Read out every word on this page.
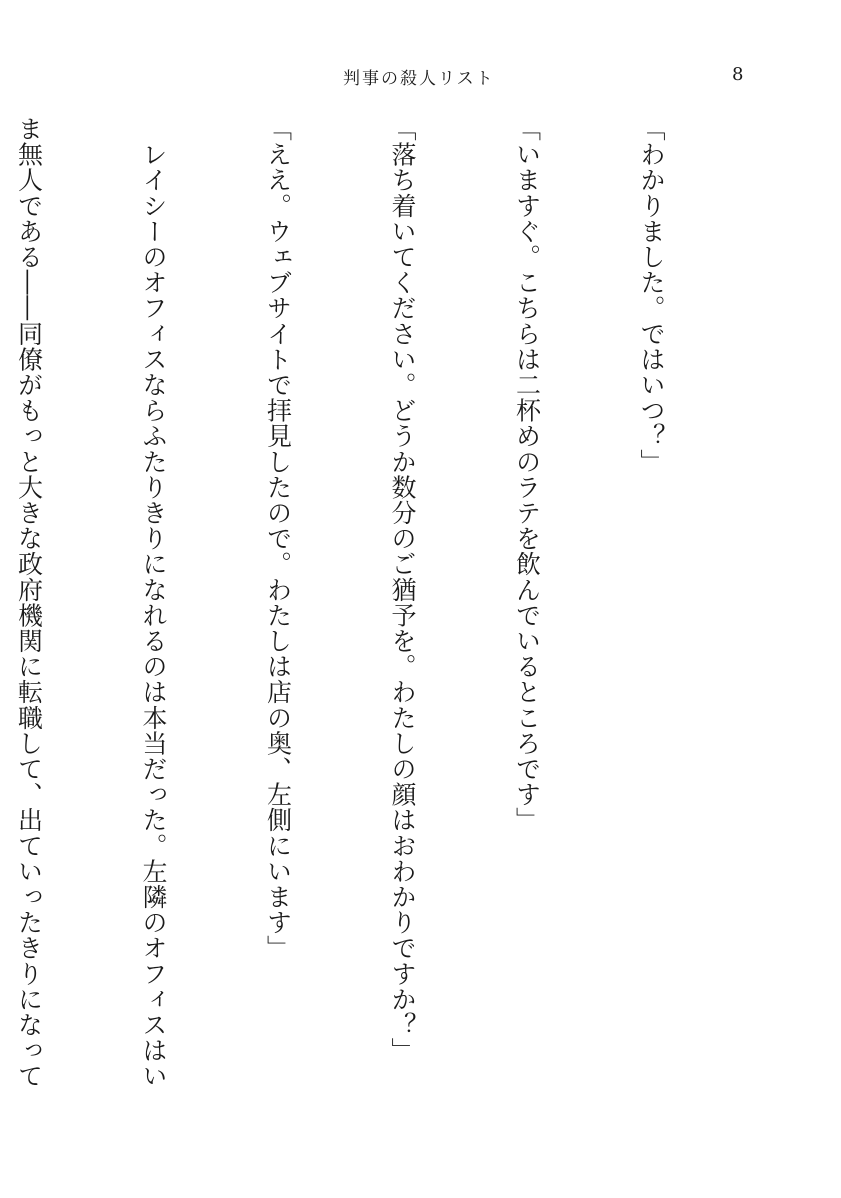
判事の殺人リスト	8

「わかりました。ではいつ？」

「いますぐ。こちらは二杯めのラテを飲んでいるところです」

「落ち着いてください。どうか数分のご猶予を。わたしの顔はおわかりですか？」

「ええ。ウェブサイトで拝見したので。わたしは店の奥、左側にいます」

　レイシーのオフィスならふたりきりになれるのは本当だった。左隣のオフィスはい

ま無人である――同僚がもっと大きな政府機関に転職して、出ていったきりになって
